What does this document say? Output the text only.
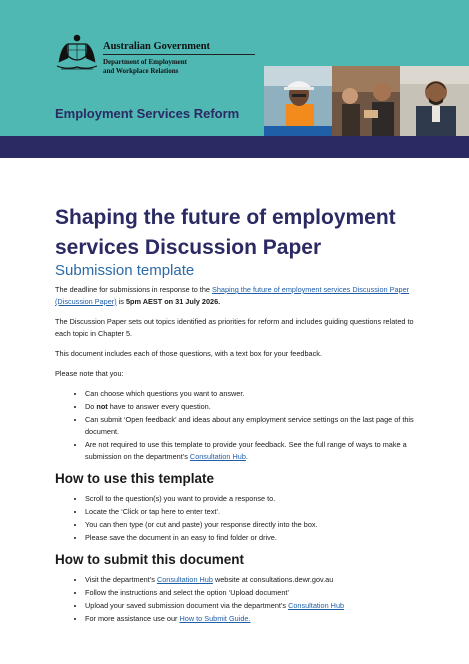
Australian Government
Department of Employment
and Workplace Relations
Employment Services Reform
Shaping the future of employment services Discussion Paper
Submission template

The deadline for submissions in response to the Shaping the future of employment services Discussion Paper (Discussion Paper) is 5pm AEST on 31 July 2026.

The Discussion Paper sets out topics identified as priorities for reform and includes guiding questions related to each topic in Chapter 5.

This document includes each of those questions, with a text box for your feedback.

Please note that you:

• Can choose which questions you want to answer.
• Do not have to answer every question.
• Can submit ‘Open feedback’ and ideas about any employment service settings on the last page of this document.
• Are not required to use this template to provide your feedback. See the full range of ways to make a submission on the department’s Consultation Hub.
How to use this template
• Scroll to the question(s) you want to provide a response to.
• Locate the ‘Click or tap here to enter text’.
• You can then type (or cut and paste) your response directly into the box.
• Please save the document in an easy to find folder or drive.
How to submit this document
• Visit the department’s Consultation Hub website at consultations.dewr.gov.au
• Follow the instructions and select the option ‘Upload document’
• Upload your saved submission document via the department’s Consultation Hub
• For more assistance use our How to Submit Guide.
